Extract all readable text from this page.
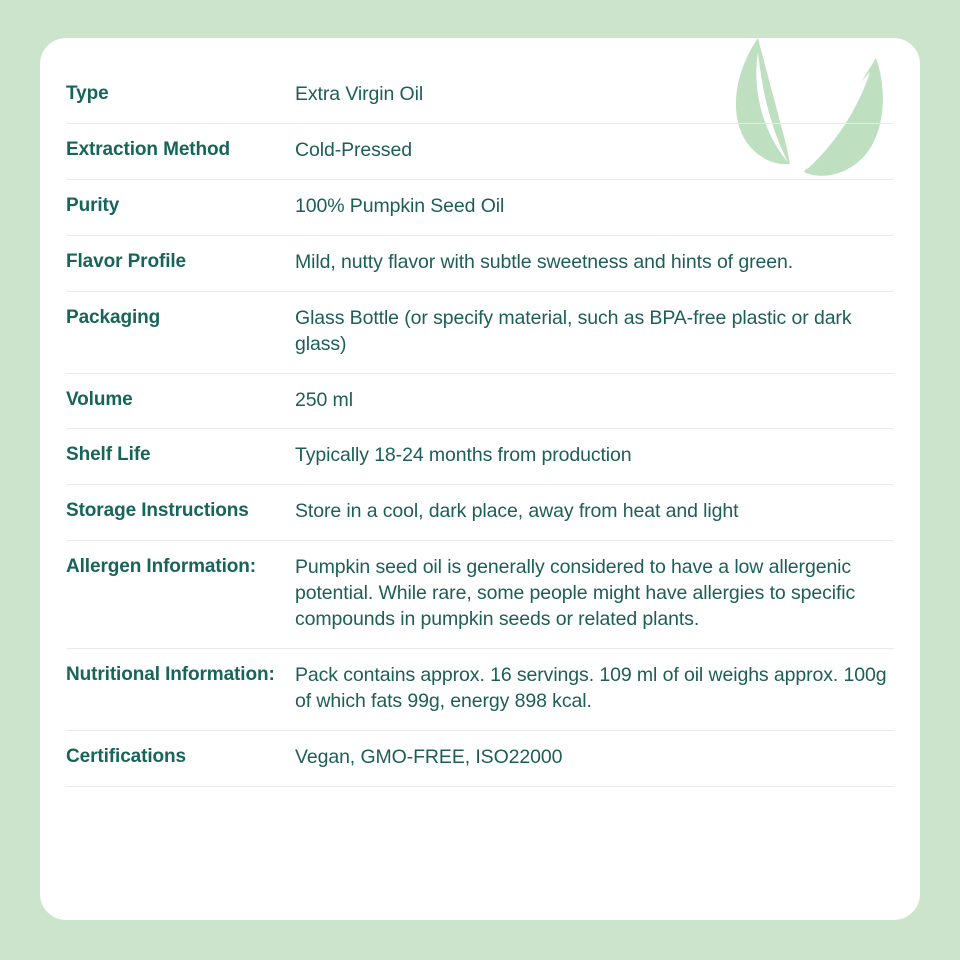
Type	Extra Virgin Oil
Extraction Method	Cold-Pressed
Purity	100% Pumpkin Seed Oil
Flavor Profile	Mild, nutty flavor with subtle sweetness and hints of green.
Packaging	Glass Bottle (or specify material, such as BPA-free plastic or dark glass)
Volume	250 ml
Shelf Life	Typically 18-24 months from production
Storage Instructions	Store in a cool, dark place, away from heat and light
Allergen Information:	Pumpkin seed oil is generally considered to have a low allergenic potential. While rare, some people might have allergies to specific compounds in pumpkin seeds or related plants.
Nutritional Information:	Pack contains approx. 16 servings. 109 ml of oil weighs approx. 100g of which fats 99g, energy 898 kcal.
Certifications	Vegan, GMO-FREE, ISO22000
